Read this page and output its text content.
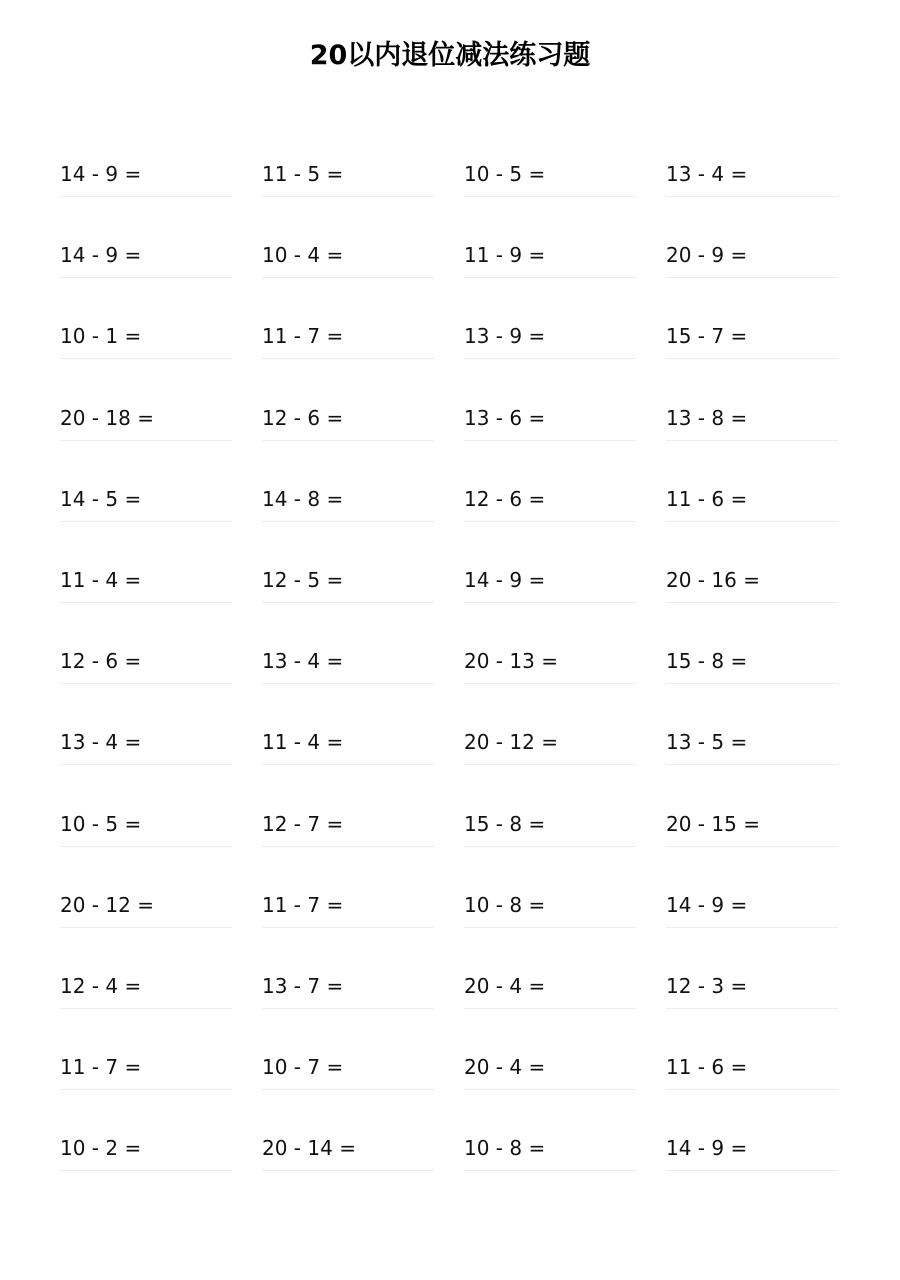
20以内退位减法练习题
14 - 9 =	11 - 5 =	10 - 5 =	13 - 4 =
14 - 9 =	10 - 4 =	11 - 9 =	20 - 9 =
10 - 1 =	11 - 7 =	13 - 9 =	15 - 7 =
20 - 18 =	12 - 6 =	13 - 6 =	13 - 8 =
14 - 5 =	14 - 8 =	12 - 6 =	11 - 6 =
11 - 4 =	12 - 5 =	14 - 9 =	20 - 16 =
12 - 6 =	13 - 4 =	20 - 13 =	15 - 8 =
13 - 4 =	11 - 4 =	20 - 12 =	13 - 5 =
10 - 5 =	12 - 7 =	15 - 8 =	20 - 15 =
20 - 12 =	11 - 7 =	10 - 8 =	14 - 9 =
12 - 4 =	13 - 7 =	20 - 4 =	12 - 3 =
11 - 7 =	10 - 7 =	20 - 4 =	11 - 6 =
10 - 2 =	20 - 14 =	10 - 8 =	14 - 9 =
